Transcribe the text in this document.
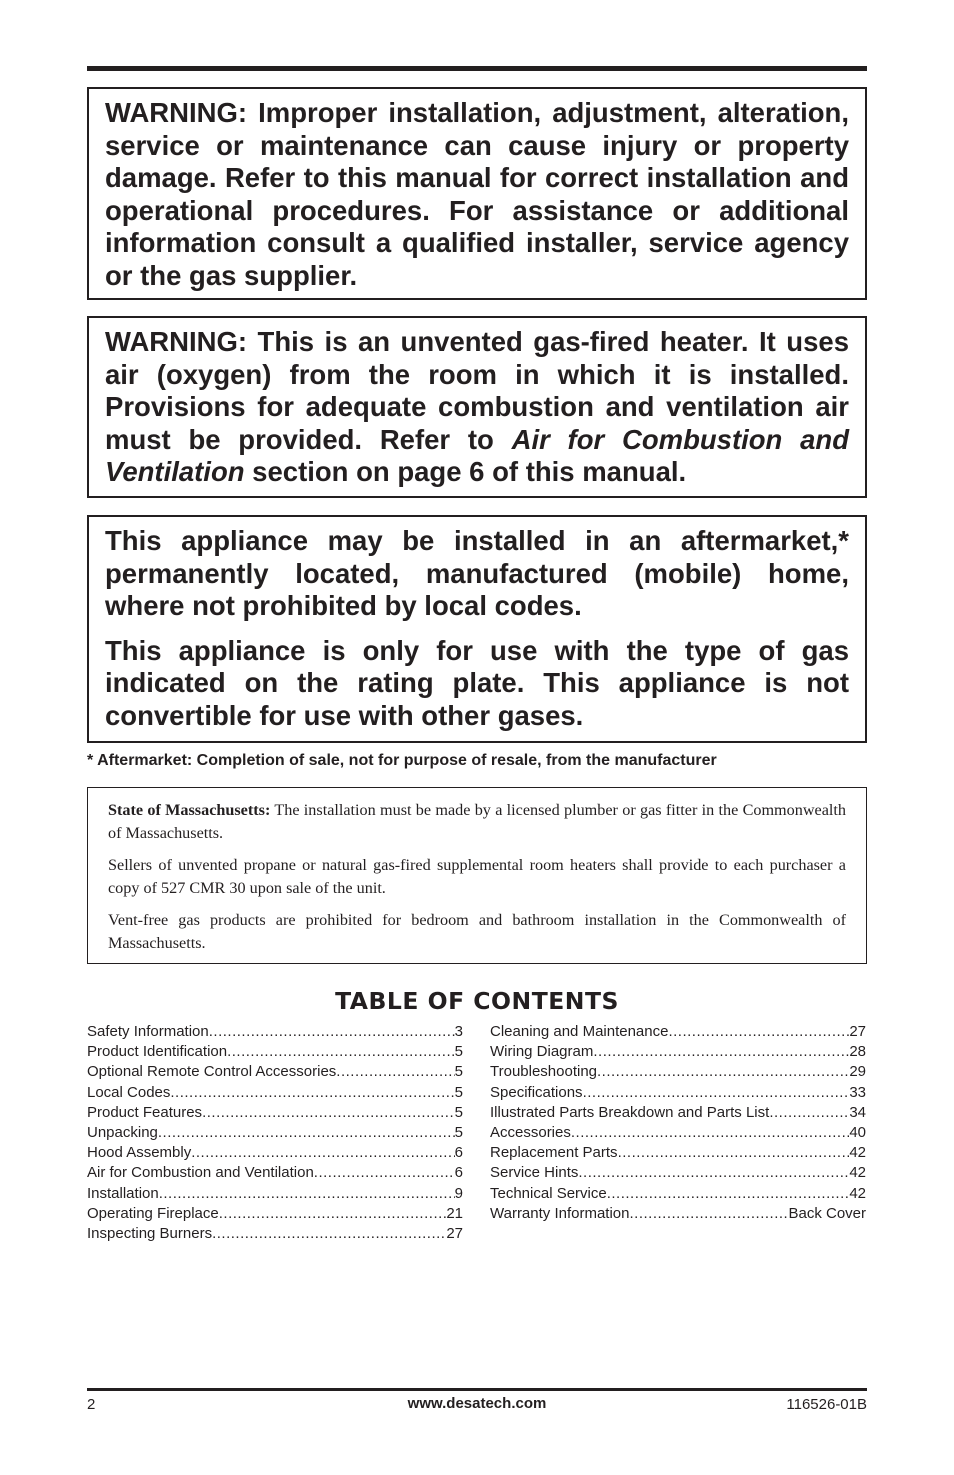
WARNING: Improper installation, adjustment, alteration, service or maintenance can cause injury or property damage. Refer to this manual for correct installation and operational procedures. For assistance or additional information consult a qualified installer, service agency or the gas supplier.

WARNING: This is an unvented gas-fired heater. It uses air (oxygen) from the room in which it is installed. Provisions for adequate combustion and ventilation air must be provided. Refer to Air for Combustion and Ventilation section on page 6 of this manual.

This appliance may be installed in an aftermarket,* permanently located, manufactured (mobile) home, where not prohibited by local codes.

This appliance is only for use with the type of gas indicated on the rating plate. This appliance is not convertible for use with other gases.

* Aftermarket: Completion of sale, not for purpose of resale, from the manufacturer

State of Massachusetts: The installation must be made by a licensed plumber or gas fitter in the Commonwealth of Massachusetts.

Sellers of unvented propane or natural gas-fired supplemental room heaters shall provide to each purchaser a copy of 527 CMR 30 upon sale of the unit.

Vent-free gas products are prohibited for bedroom and bathroom installation in the Commonwealth of Massachusetts.

TABLE OF CONTENTS
Safety Information .....	3
Product Identification .....	5
Optional Remote Control Accessories .....	5
Local Codes .....	5
Product Features .....	5
Unpacking .....	5
Hood Assembly .....	6
Air for Combustion and Ventilation .....	6
Installation .....	9
Operating Fireplace .....	21
Inspecting Burners .....	27
Cleaning and Maintenance .....	27
Wiring Diagram .....	28
Troubleshooting .....	29
Specifications .....	33
Illustrated Parts Breakdown and Parts List .....	34
Accessories .....	40
Replacement Parts .....	42
Service Hints .....	42
Technical Service .....	42
Warranty Information .....	Back Cover
2	www.desatech.com	116526-01B
